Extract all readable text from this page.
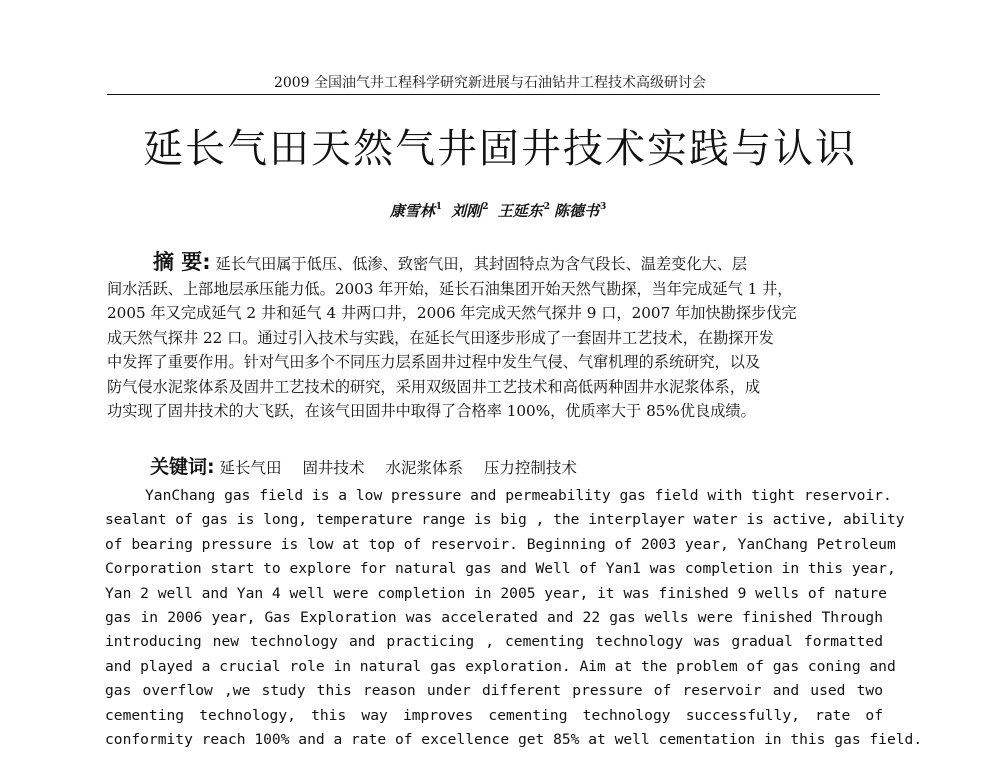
2009 全国油气井工程科学研究新进展与石油钻井工程技术高级研讨会
延长气田天然气井固井技术实践与认识
康雪林$^1$ 刘刚$^2$ 王延东$^2$ 陈德书$^3$
摘 要: 延长气田属于低压、低渗、致密气田，其封固特点为含气段长、温差变化大、层
间水活跃、上部地层承压能力低。2003 年开始，延长石油集团开始天然气勘探，当年完成延气 1 井，
2005 年又完成延气 2 井和延气 4 井两口井，2006 年完成天然气探井 9 口，2007 年加快勘探步伐完
成天然气探井 22 口。通过引入技术与实践，在延长气田逐步形成了一套固井工艺技术，在勘探开发
中发挥了重要作用。针对气田多个不同压力层系固井过程中发生气侵、气窜机理的系统研究，以及
防气侵水泥浆体系及固井工艺技术的研究，采用双级固井工艺技术和高低两种固井水泥浆体系，成
功实现了固井技术的大飞跃，在该气田固井中取得了合格率 100%，优质率大于 85%优良成绩。
关键词: 延长气田 固井技术 水泥浆体系 压力控制技术
YanChang gas field is a low pressure and permeability gas field with tight reservoir.
sealant of gas is long, temperature range is big , the interplayer water is active, ability
of bearing pressure is low at top of reservoir. Beginning of 2003 year, YanChang Petroleum
Corporation start to explore for natural gas and Well of Yan1 was completion in this year,
Yan 2 well and Yan 4 well were completion in 2005 year, it was finished 9 wells of nature
gas in 2006 year, Gas Exploration was accelerated and 22 gas wells were finished Through
introducing new technology and practicing , cementing technology was gradual formatted
and played a crucial role in natural gas exploration. Aim at the problem of gas coning and
gas overflow ,we study this reason under different pressure of reservoir and used two
cementing technology, this way improves cementing technology successfully, rate of
conformity reach 100% and a rate of excellence get 85% at well cementation in this gas field.
